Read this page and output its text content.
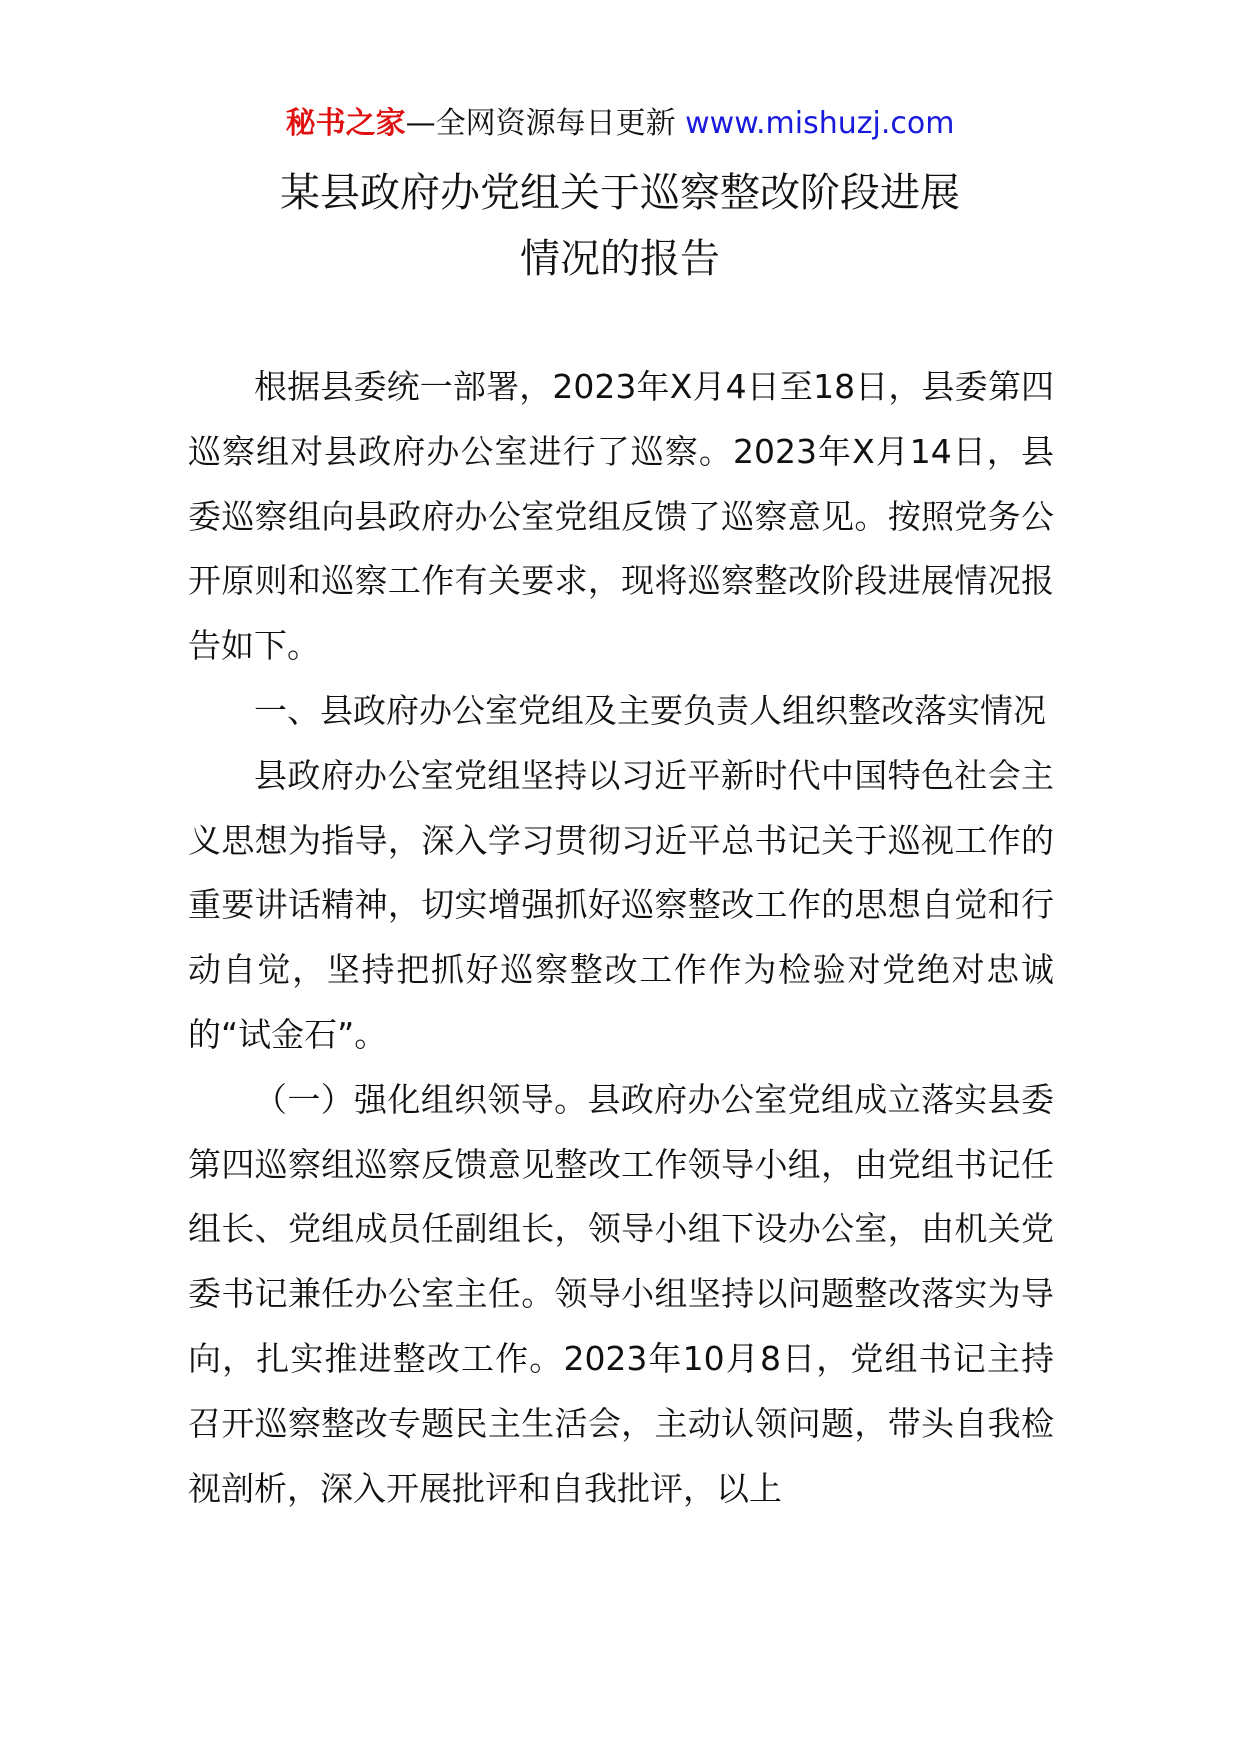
秘书之家—全网资源每日更新 www.mishuzj.com
某县政府办党组关于巡察整改阶段进展
情况的报告

根据县委统一部署，2023年X月4日至18日，县委第四巡察组对县政府办公室进行了巡察。2023年X月14日，县委巡察组向县政府办公室党组反馈了巡察意见。按照党务公开原则和巡察工作有关要求，现将巡察整改阶段进展情况报告如下。

一、县政府办公室党组及主要负责人组织整改落实情况

县政府办公室党组坚持以习近平新时代中国特色社会主义思想为指导，深入学习贯彻习近平总书记关于巡视工作的重要讲话精神，切实增强抓好巡察整改工作的思想自觉和行动自觉，坚持把抓好巡察整改工作作为检验对党绝对忠诚的“试金石”。

（一）强化组织领导。县政府办公室党组成立落实县委第四巡察组巡察反馈意见整改工作领导小组，由党组书记任组长、党组成员任副组长，领导小组下设办公室，由机关党委书记兼任办公室主任。领导小组坚持以问题整改落实为导向，扎实推进整改工作。2023年10月8日，党组书记主持召开巡察整改专题民主生活会，主动认领问题，带头自我检视剖析，深入开展批评和自我批评，以上
